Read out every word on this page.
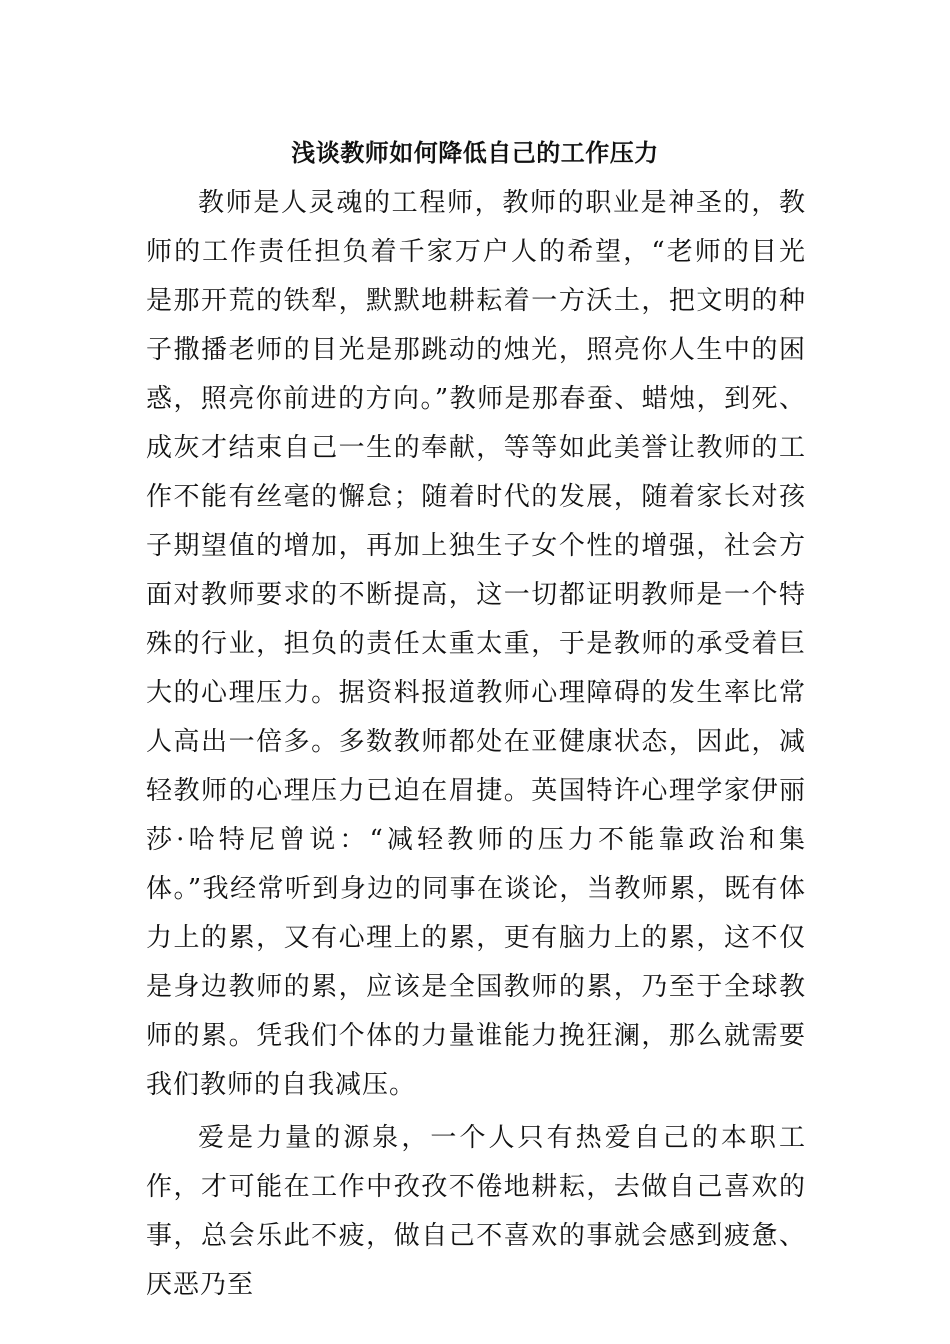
浅谈教师如何降低自己的工作压力

教师是人灵魂的工程师，教师的职业是神圣的，教师的工作责任担负着千家万户人的希望，“老师的目光是那开荒的铁犁，默默地耕耘着一方沃土，把文明的种子撒播老师的目光是那跳动的烛光，照亮你人生中的困惑，照亮你前进的方向。”教师是那春蚕、蜡烛，到死、成灰才结束自己一生的奉献，等等如此美誉让教师的工作不能有丝毫的懈怠；随着时代的发展，随着家长对孩子期望值的增加，再加上独生子女个性的增强，社会方面对教师要求的不断提高，这一切都证明教师是一个特殊的行业，担负的责任太重太重，于是教师的承受着巨大的心理压力。据资料报道教师心理障碍的发生率比常人高出一倍多。多数教师都处在亚健康状态，因此，减轻教师的心理压力已迫在眉捷。英国特许心理学家伊丽莎·哈特尼曾说：“减轻教师的压力不能靠政治和集体。”我经常听到身边的同事在谈论，当教师累，既有体力上的累，又有心理上的累，更有脑力上的累，这不仅是身边教师的累，应该是全国教师的累，乃至于全球教师的累。凭我们个体的力量谁能力挽狂澜，那么就需要我们教师的自我减压。

爱是力量的源泉，一个人只有热爱自己的本职工作，才可能在工作中孜孜不倦地耕耘，去做自己喜欢的事，总会乐此不疲，做自己不喜欢的事就会感到疲惫、厌恶乃至
